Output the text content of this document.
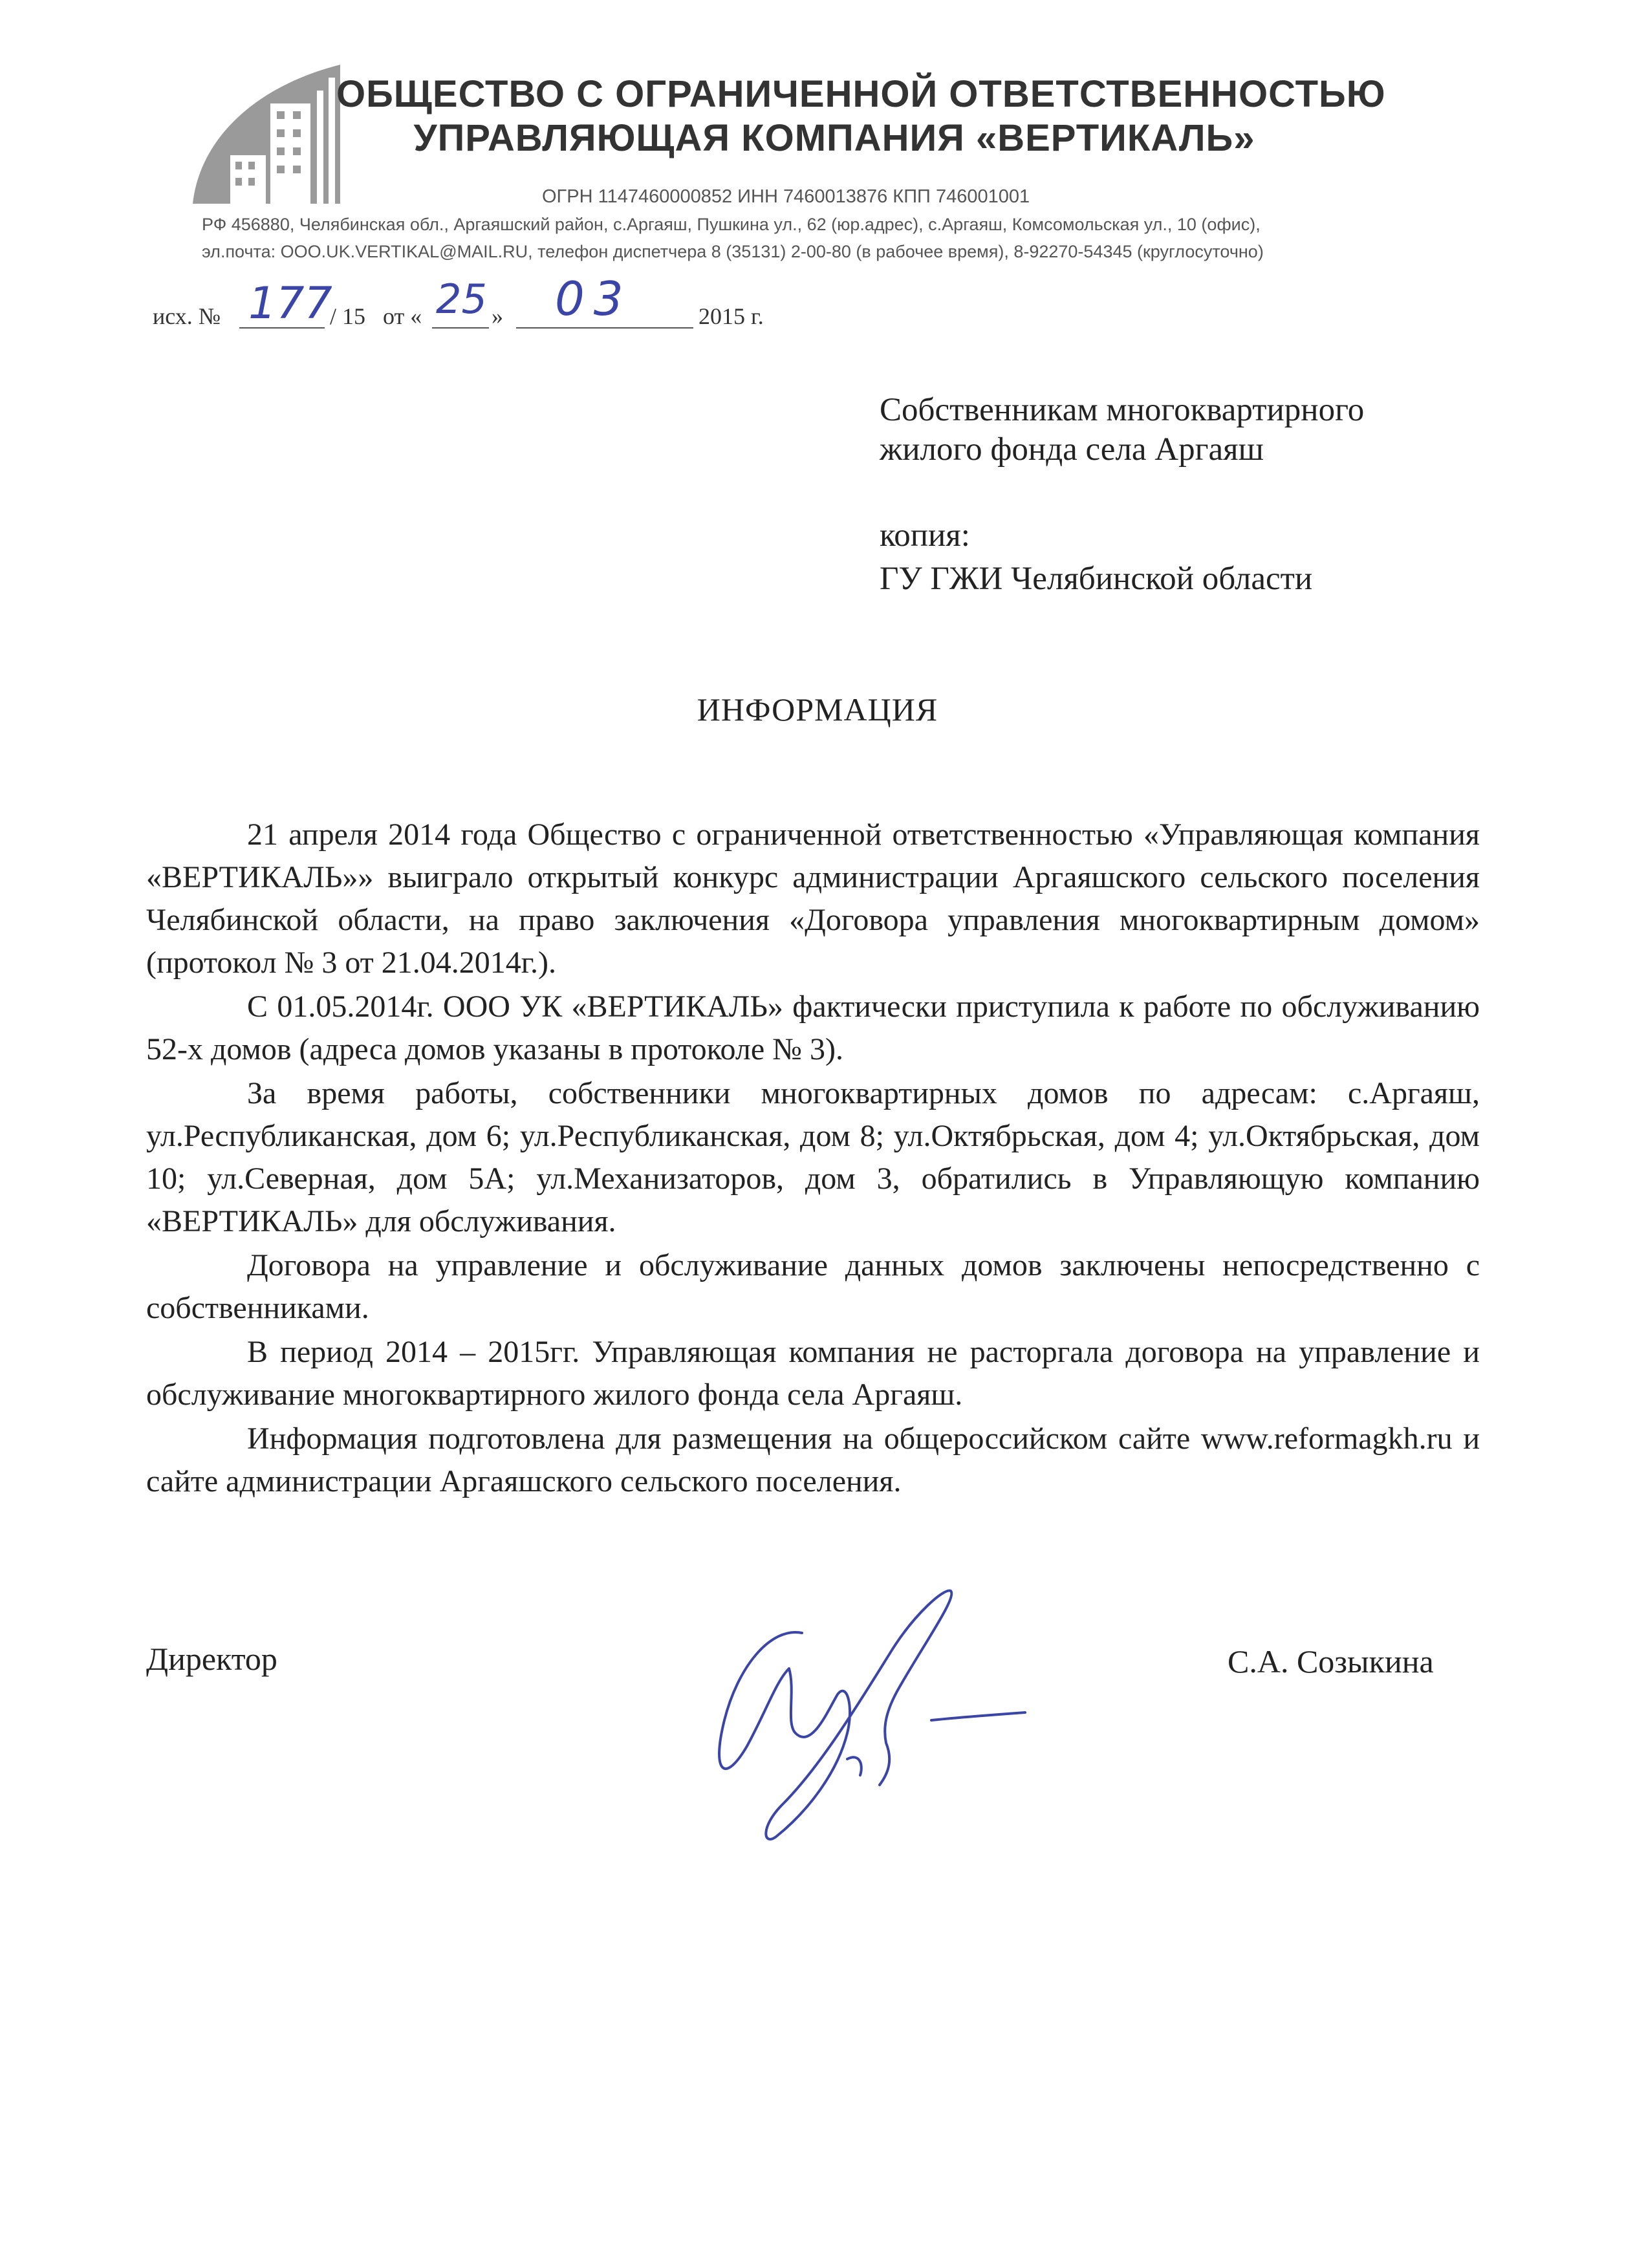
ОБЩЕСТВО С ОГРАНИЧЕННОЙ ОТВЕТСТВЕННОСТЬЮ
УПРАВЛЯЮЩАЯ КОМПАНИЯ «ВЕРТИКАЛЬ»
ОГРН 1147460000852 ИНН 7460013876 КПП 746001001
РФ 456880, Челябинская обл., Аргаяшский район, с.Аргаяш, Пушкина ул., 62 (юр.адрес), с.Аргаяш, Комсомольская ул., 10 (офис),
эл.почта: OOO.UK.VERTIKAL@MAIL.RU, телефон диспетчера 8 (35131) 2-00-80 (в рабочее время), 8-92270-54345 (круглосуточно)
исх. № 177
/ 15 от « 25 » 03	2015 г.
Собственникам многоквартирного
жилого фонда села Аргаяш
копия:
ГУ ГЖИ Челябинской области
ИНФОРМАЦИЯ

21 апреля 2014 года Общество с ограниченной ответственностью «Управляющая компания «ВЕРТИКАЛЬ»» выиграло открытый конкурс администрации Аргаяшского сельского поселения Челябинской области, на право заключения «Договора управления многоквартирным домом» (протокол № 3 от 21.04.2014г.).

С 01.05.2014г. ООО УК «ВЕРТИКАЛЬ» фактически приступила к работе по обслуживанию 52-х домов (адреса домов указаны в протоколе № 3).

За время работы, собственники многоквартирных домов по адресам: с.Аргаяш, ул.Республиканская, дом 6; ул.Республиканская, дом 8; ул.Октябрьская, дом 4; ул.Октябрьская, дом 10; ул.Северная, дом 5А; ул.Механизаторов, дом 3, обратились в Управляющую компанию «ВЕРТИКАЛЬ» для обслуживания.

Договора на управление и обслуживание данных домов заключены непосредственно с собственниками.

В период 2014 – 2015гг. Управляющая компания не расторгала договора на управление и обслуживание многоквартирного жилого фонда села Аргаяш.

Информация подготовлена для размещения на общероссийском сайте www.reformagkh.ru и сайте администрации Аргаяшского сельского поселения.

Директор	С.А. Созыкина
